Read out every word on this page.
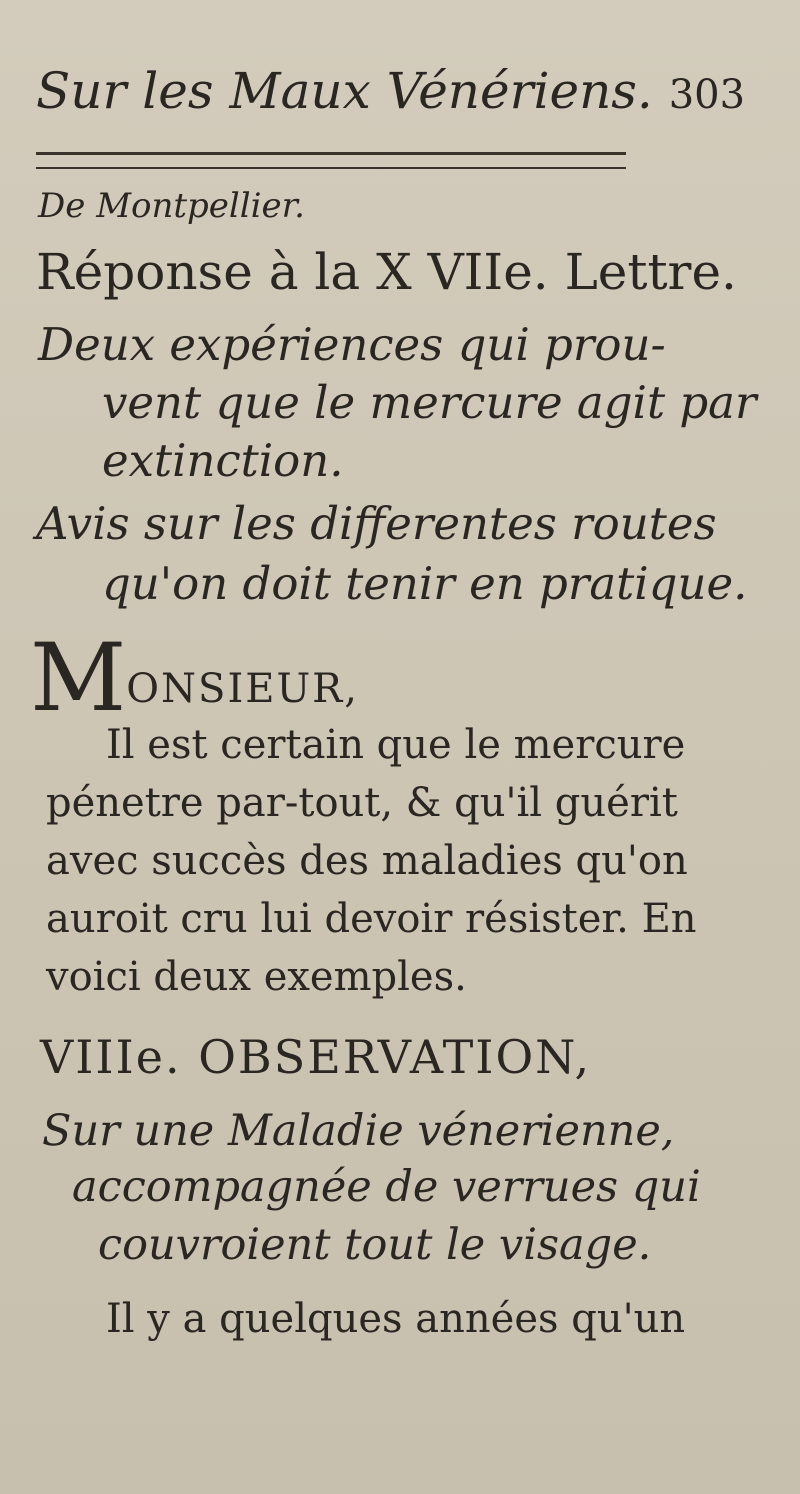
Sur les Maux Vénériens. 303
De Montpellier.
Réponse à la X VIIe. Lettre.
Deux expériences qui prou-
vent que le mercure agit par
extinction.
Avis sur les differentes routes
qu'on doit tenir en pratique.
MONSIEUR,
Il est certain que le mercure
pénetre par-tout, & qu'il guérit
avec succès des maladies qu'on
auroit cru lui devoir résister. En
voici deux exemples.
VIIIe. OBSERVATION,
Sur une Maladie vénerienne,
accompagnée de verrues qui
couvroient tout le visage.
Il y a quelques années qu'un
